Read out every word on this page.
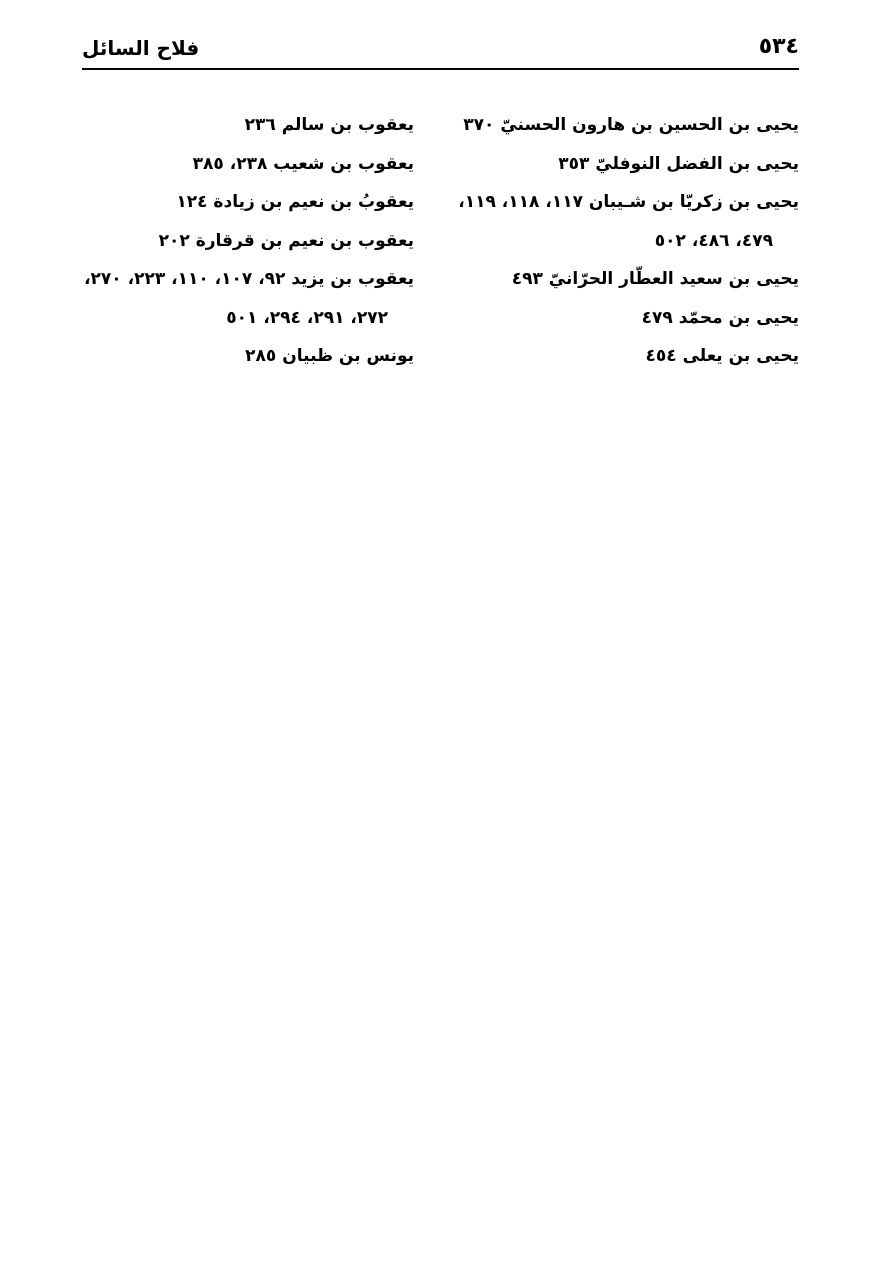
٥٣٤
فلاح السائل

يحيى بن الحسين بن هارون الحسنيّ ٣٧٠

يحيى بن الفضل النوفليّ ٣٥٣

يحيى بن زكريّا بن شـيبان ١١٧، ١١٨، ١١٩،
٤٧٩، ٤٨٦، ٥٠٢

يحيى بن سعيد العطّار الحرّانيّ ٤٩٣

يحيى بن محمّد ٤٧٩

يحيى بن يعلى ٤٥٤

يعقوب بن سالم ٢٣٦

يعقوب بن شعيب ٢٣٨، ٣٨٥

يعقوبُ بن نعيم بن زيادة ١٢٤

يعقوب بن نعيم بن قرقارة ٢٠٢

يعقوب بن يزيد ٩٢، ١٠٧، ١١٠، ٢٢٣، ٢٧٠،
٢٧٢، ٢٩١، ٢٩٤، ٥٠١

يونس بن ظبيان ٢٨٥
